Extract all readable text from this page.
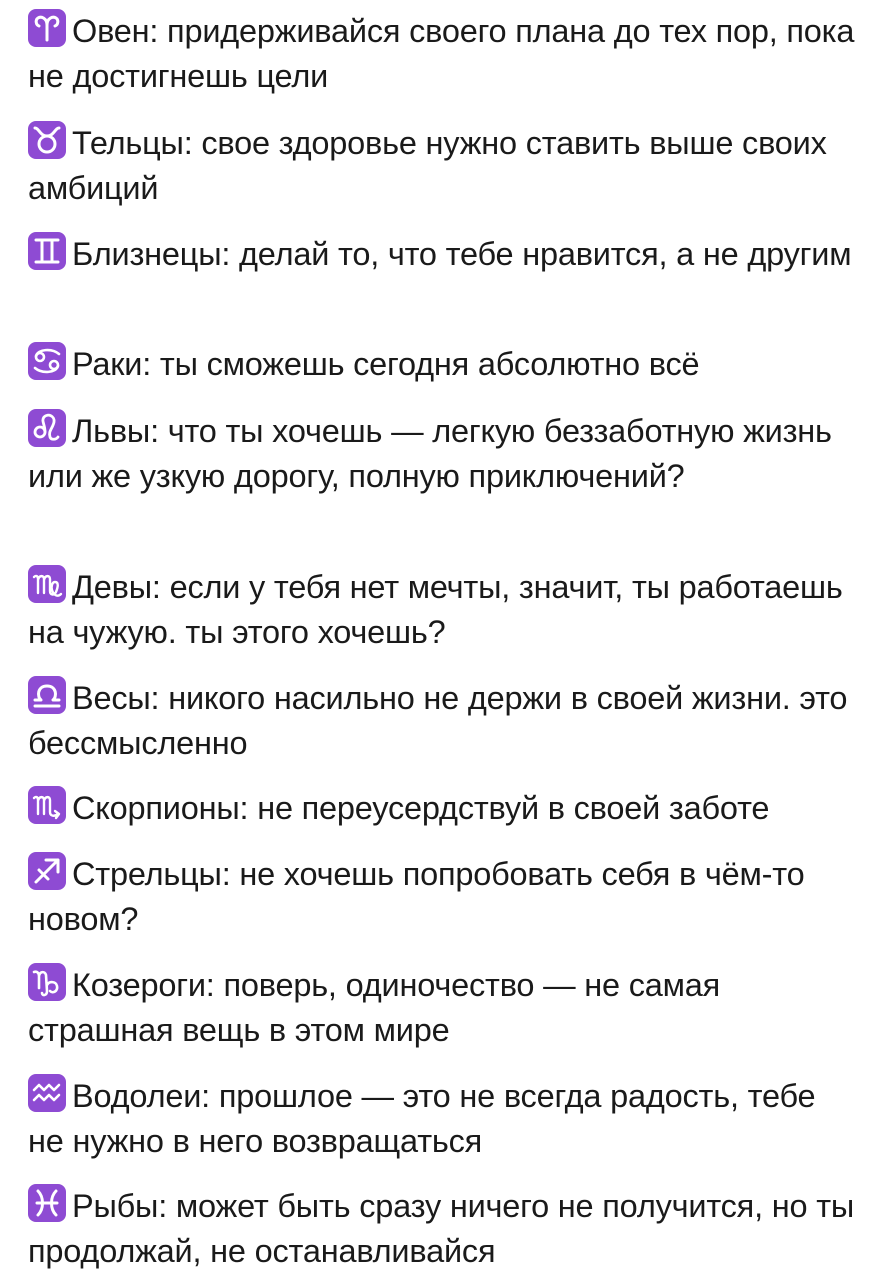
Овен: придерживайся своего плана до тех пор, пока не достигнешь цели
Тельцы: свое здоровье нужно ставить выше своих амбиций
Близнецы: делай то, что тебе нравится, а не другим
Раки: ты сможешь сегодня абсолютно всё
Львы: что ты хочешь — легкую беззаботную жизнь или же узкую дорогу, полную приключений?
Девы: если у тебя нет мечты, значит, ты работаешь на чужую. ты этого хочешь?
Весы: никого насильно не держи в своей жизни. это бессмысленно
Скорпионы: не переусердствуй в своей заботе
Стрельцы: не хочешь попробовать себя в чём-то новом?
Козероги: поверь, одиночество — не самая страшная вещь в этом мире
Водолеи: прошлое — это не всегда радость, тебе не нужно в него возвращаться
Рыбы: может быть сразу ничего не получится, но ты продолжай, не останавливайся
